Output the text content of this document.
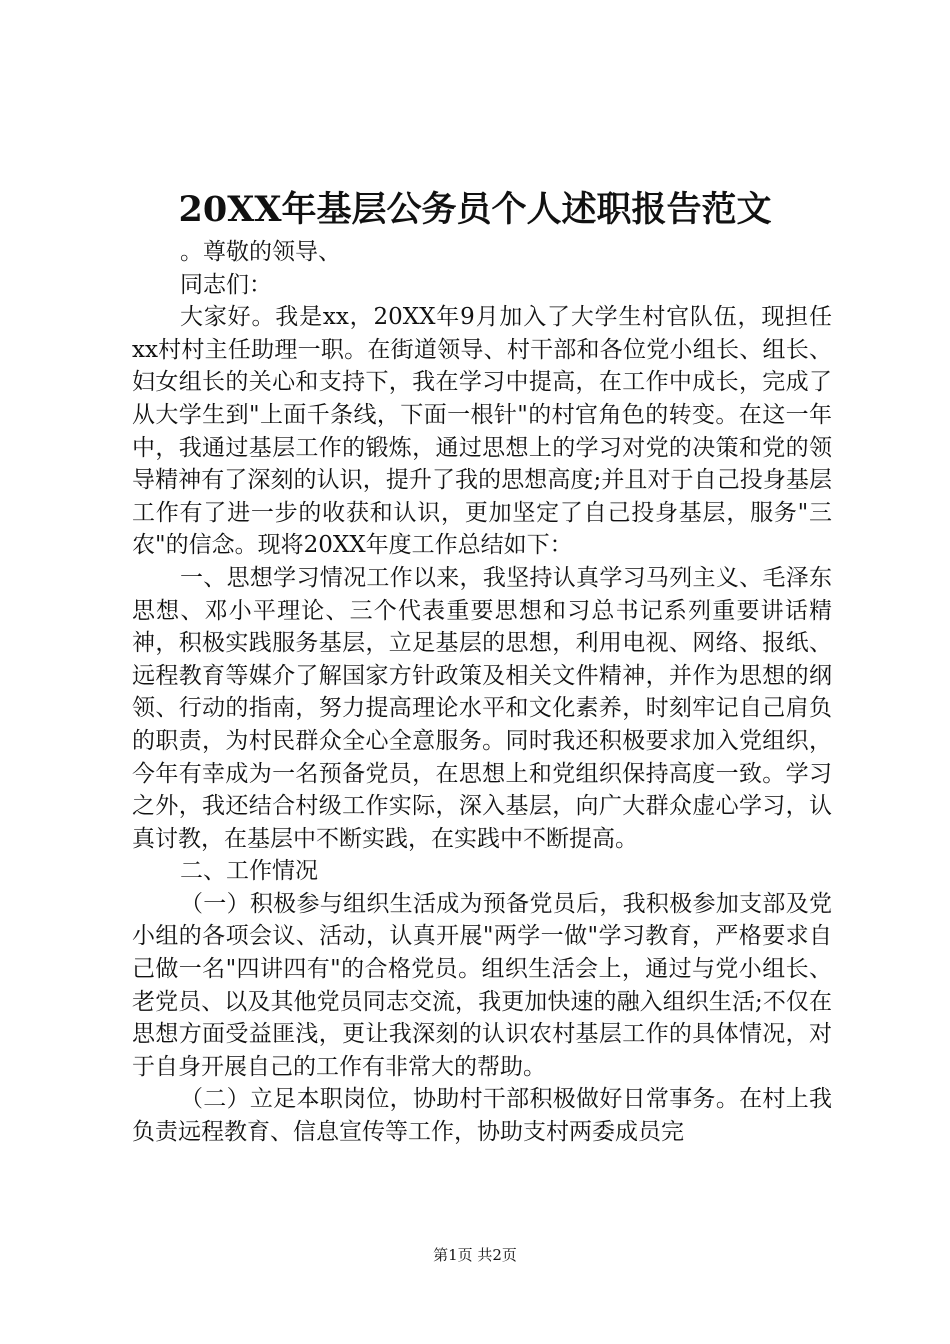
20XX年基层公务员个人述职报告范文

。尊敬的领导、

同志们：

大家好。我是xx，20XX年9月加入了大学生村官队伍，现担任xx村村主任助理一职。在街道领导、村干部和各位党小组长、组长、妇女组长的关心和支持下，我在学习中提高，在工作中成长，完成了从大学生到"上面千条线，下面一根针"的村官角色的转变。在这一年中，我通过基层工作的锻炼，通过思想上的学习对党的决策和党的领导精神有了深刻的认识，提升了我的思想高度;并且对于自己投身基层工作有了进一步的收获和认识，更加坚定了自己投身基层，服务"三农"的信念。现将20XX年度工作总结如下：

一、思想学习情况工作以来，我坚持认真学习马列主义、毛泽东思想、邓小平理论、三个代表重要思想和习总书记系列重要讲话精神，积极实践服务基层，立足基层的思想，利用电视、网络、报纸、远程教育等媒介了解国家方针政策及相关文件精神，并作为思想的纲领、行动的指南，努力提高理论水平和文化素养，时刻牢记自己肩负的职责，为村民群众全心全意服务。同时我还积极要求加入党组织，今年有幸成为一名预备党员，在思想上和党组织保持高度一致。学习之外，我还结合村级工作实际，深入基层，向广大群众虚心学习，认真讨教，在基层中不断实践，在实践中不断提高。

二、工作情况

（一）积极参与组织生活成为预备党员后，我积极参加支部及党小组的各项会议、活动，认真开展"两学一做"学习教育，严格要求自己做一名"四讲四有"的合格党员。组织生活会上，通过与党小组长、老党员、以及其他党员同志交流，我更加快速的融入组织生活;不仅在思想方面受益匪浅，更让我深刻的认识农村基层工作的具体情况，对于自身开展自己的工作有非常大的帮助。

（二）立足本职岗位，协助村干部积极做好日常事务。在村上我负责远程教育、信息宣传等工作，协助支村两委成员完

第1页 共2页
